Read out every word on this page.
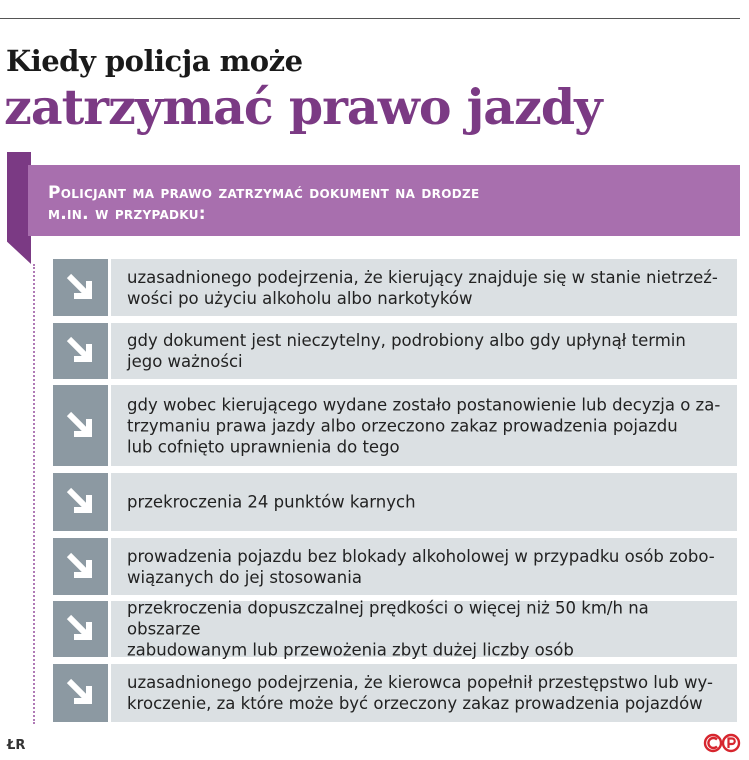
Kiedy policja może
zatrzymać prawo jazdy

Policjant ma prawo zatrzymać dokument na drodze
m.in. w przypadku:

uzasadnionego podejrzenia, że kierujący znajduje się w stanie nietrzeź-
wości po użyciu alkoholu albo narkotyków

gdy dokument jest nieczytelny, podrobiony albo gdy upłynął termin
jego ważności

gdy wobec kierującego wydane zostało postanowienie lub decyzja o za-
trzymaniu prawa jazdy albo orzeczono zakaz prowadzenia pojazdu
lub cofnięto uprawnienia do tego

przekroczenia 24 punktów karnych

prowadzenia pojazdu bez blokady alkoholowej w przypadku osób zobo-
wiązanych do jej stosowania

przekroczenia dopuszczalnej prędkości o więcej niż 50 km/h na obszarze
zabudowanym lub przewożenia zbyt dużej liczby osób

uzasadnionego podejrzenia, że kierowca popełnił przestępstwo lub wy-
kroczenie, za które może być orzeczony zakaz prowadzenia pojazdów

ŁR
